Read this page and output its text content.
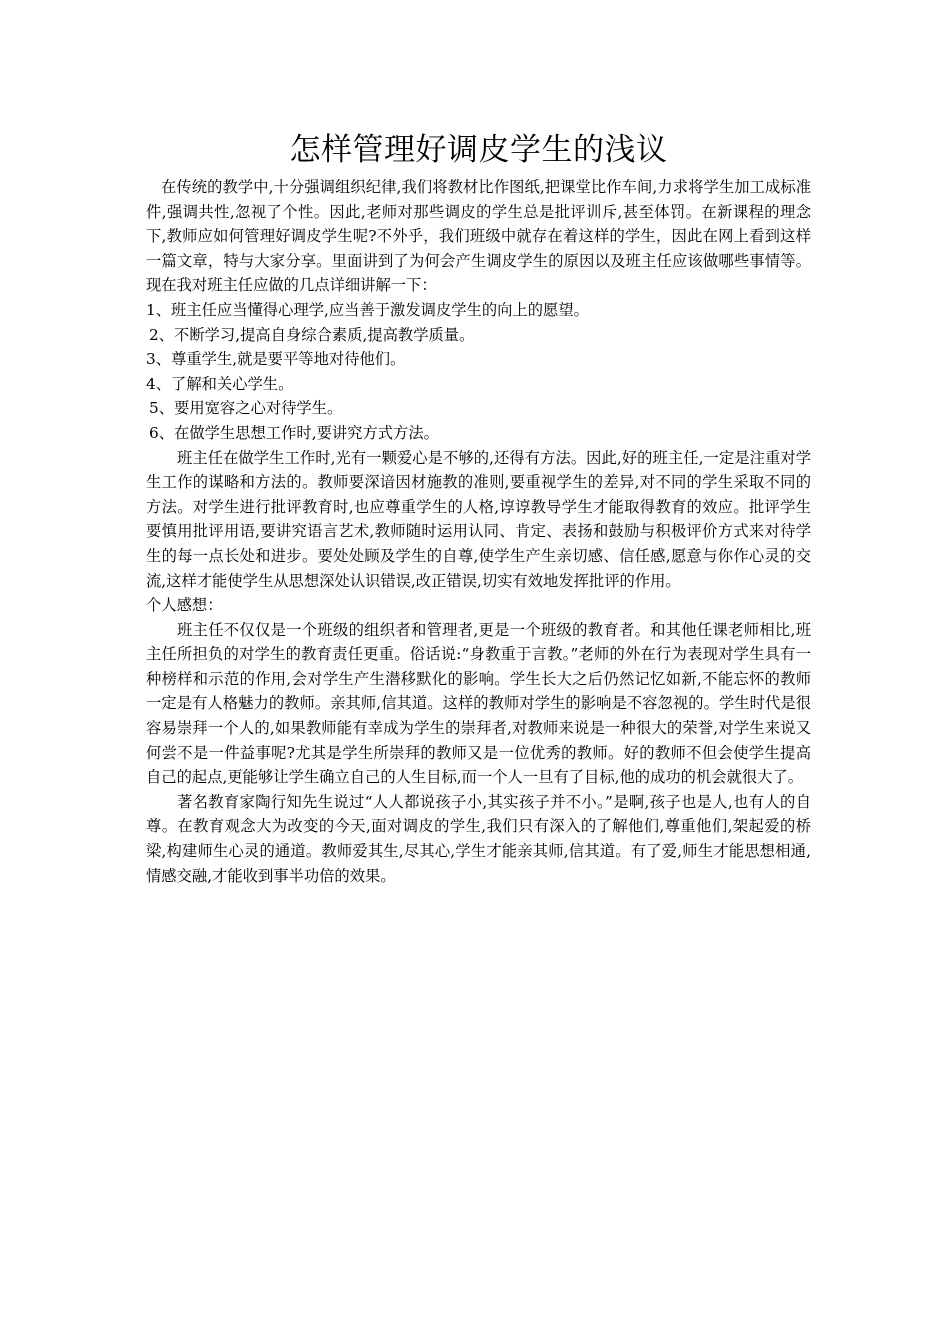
怎样管理好调皮学生的浅议

在传统的教学中,十分强调组织纪律,我们将教材比作图纸,把课堂比作车间,力求将学生加工成标准件,强调共性,忽视了个性。因此,老师对那些调皮的学生总是批评训斥,甚至体罚。在新课程的理念下,教师应如何管理好调皮学生呢?不外乎，我们班级中就存在着这样的学生，因此在网上看到这样一篇文章，特与大家分享。里面讲到了为何会产生调皮学生的原因以及班主任应该做哪些事情等。现在我对班主任应做的几点详细讲解一下：

1、班主任应当懂得心理学,应当善于激发调皮学生的向上的愿望。

2、不断学习,提高自身综合素质,提高教学质量。

3、尊重学生,就是要平等地对待他们。

4、了解和关心学生。

5、要用宽容之心对待学生。

6、在做学生思想工作时,要讲究方式方法。

班主任在做学生工作时,光有一颗爱心是不够的,还得有方法。因此,好的班主任,一定是注重对学生工作的谋略和方法的。教师要深谙因材施教的准则,要重视学生的差异,对不同的学生采取不同的方法。对学生进行批评教育时,也应尊重学生的人格,谆谆教导学生才能取得教育的效应。批评学生要慎用批评用语,要讲究语言艺术,教师随时运用认同、肯定、表扬和鼓励与积极评价方式来对待学生的每一点长处和进步。要处处顾及学生的自尊,使学生产生亲切感、信任感,愿意与你作心灵的交流,这样才能使学生从思想深处认识错误,改正错误,切实有效地发挥批评的作用。

个人感想：

班主任不仅仅是一个班级的组织者和管理者,更是一个班级的教育者。和其他任课老师相比,班主任所担负的对学生的教育责任更重。俗话说:“身教重于言教。”老师的外在行为表现对学生具有一种榜样和示范的作用,会对学生产生潜移默化的影响。学生长大之后仍然记忆如新,不能忘怀的教师一定是有人格魅力的教师。亲其师,信其道。这样的教师对学生的影响是不容忽视的。学生时代是很容易崇拜一个人的,如果教师能有幸成为学生的崇拜者,对教师来说是一种很大的荣誉,对学生来说又何尝不是一件益事呢?尤其是学生所崇拜的教师又是一位优秀的教师。好的教师不但会使学生提高自己的起点,更能够让学生确立自己的人生目标,而一个人一旦有了目标,他的成功的机会就很大了。

著名教育家陶行知先生说过“人人都说孩子小,其实孩子并不小。”是啊,孩子也是人,也有人的自尊。在教育观念大为改变的今天,面对调皮的学生,我们只有深入的了解他们,尊重他们,架起爱的桥梁,构建师生心灵的通道。教师爱其生,尽其心,学生才能亲其师,信其道。有了爱,师生才能思想相通,情感交融,才能收到事半功倍的效果。
